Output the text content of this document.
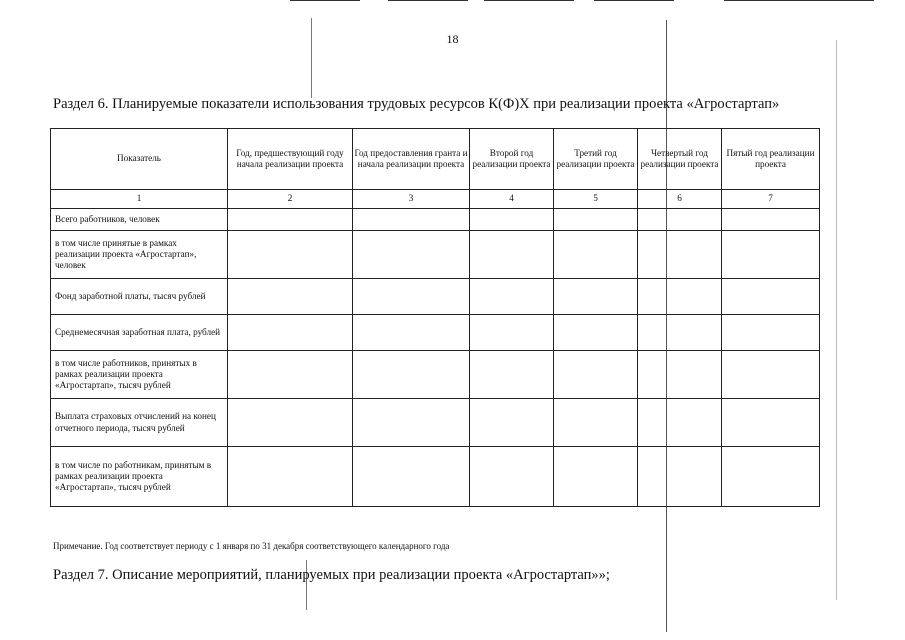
18
Раздел 6. Планируемые показатели использования трудовых ресурсов К(Ф)Х при реализации проекта «Агростартап»
Показатель	Год, предшествующий году начала реализации проекта	Год предоставления гранта и начала реализации проекта	Второй год реализации проекта	Третий год реализации проекта	Четвертый год реализации проекта	Пятый год реализации проекта
1	2	3	4	5	6	7
Всего работников, человек						
в том числе принятые в рамках реализации проекта «Агростартап», человек						
Фонд заработной платы, тысяч рублей						
Среднемесячная заработная плата, рублей						
в том числе работников, принятых в рамках реализации проекта «Агростартап», тысяч рублей						
Выплата страховых отчислений на конец отчетного периода, тысяч рублей						
в том числе по работникам, принятым в рамках реализации проекта «Агростартап», тысяч рублей						
Примечание. Год соответствует периоду с 1 января по 31 декабря соответствующего календарного года
Раздел 7. Описание мероприятий, планируемых при реализации проекта «Агростартап»»;
